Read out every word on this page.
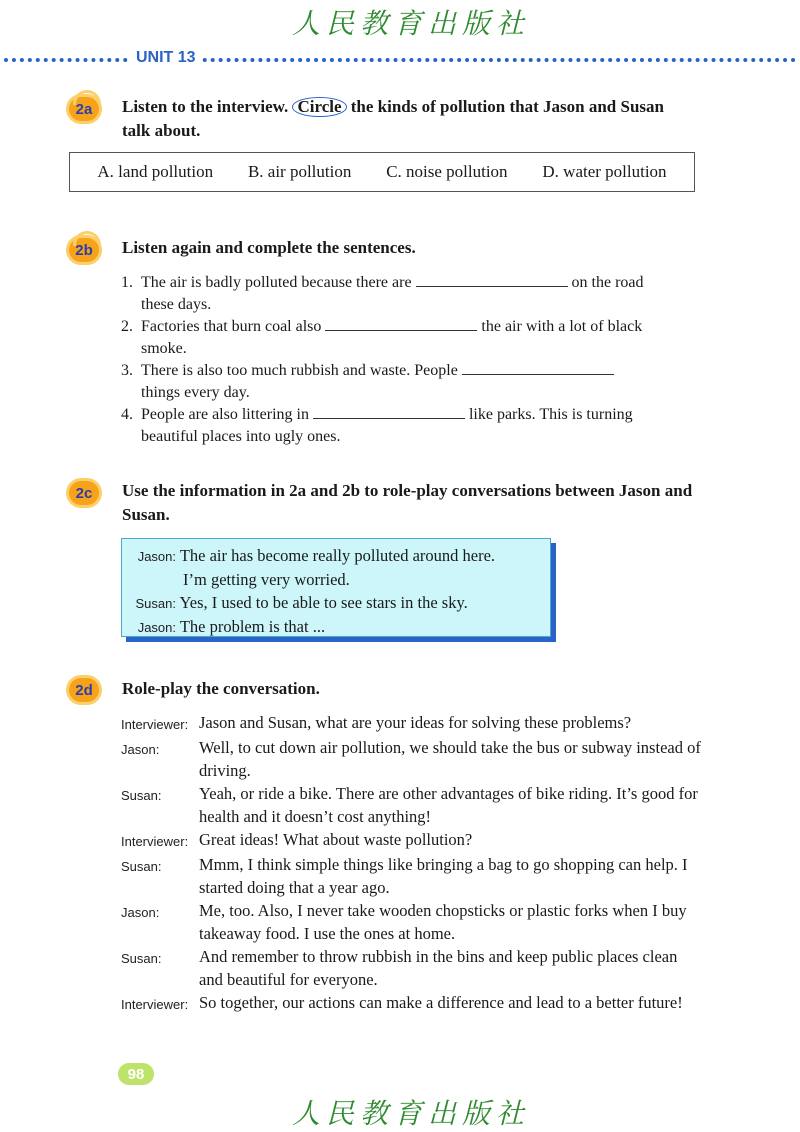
人民教育出版社
UNIT 13
2a Listen to the interview. Circle the kinds of pollution that Jason and Susan talk about.
A. land pollution B. air pollution C. noise pollution D. water pollution
2b Listen again and complete the sentences.
1. The air is badly polluted because there are	on the road
these days.
2. Factories that burn coal also	the air with a lot of black
smoke.
3. There is also too much rubbish and waste. People
things every day.
4. People are also littering in	like parks. This is turning
beautiful places into ugly ones.
2c Use the information in 2a and 2b to role-play conversations between Jason and Susan.
Jason: The air has become really polluted around here.
I’m getting very worried.
Susan: Yes, I used to be able to see stars in the sky.
Jason: The problem is that ...
2d Role-play the conversation.
Interviewer: Jason and Susan, what are your ideas for solving these problems?
Jason:	Well, to cut down air pollution, we should take the bus or subway instead of driving.
Susan:	Yeah, or ride a bike. There are other advantages of bike riding. It’s good for health and it doesn’t cost anything!
Interviewer: Great ideas! What about waste pollution?
Susan:	Mmm, I think simple things like bringing a bag to go shopping can help. I started doing that a year ago.
Jason:	Me, too. Also, I never take wooden chopsticks or plastic forks when I buy takeaway food. I use the ones at home.
Susan:	And remember to throw rubbish in the bins and keep public places clean and beautiful for everyone.
Interviewer: So together, our actions can make a difference and lead to a better future!
98
人民教育出版社
